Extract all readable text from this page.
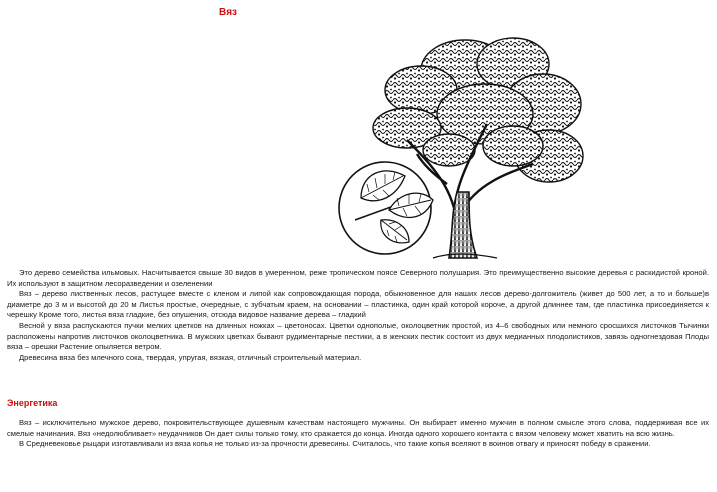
Вяз

Это дерево семейства ильмовых. Насчитывается свыше 30 видов в умеренном, реже тропическом поясе Северного полушария. Это преимущественно высокие деревья с раскидистой кроной. Их используют в защитном лесоразведении и озеленении

Вяз – дерево лиственных лесов, растущее вместе с кленом и липой как сопровождающая порода, обыкновенное для наших лесов дерево-долгожитель (живет до 500 лет, а то и больше)в диаметре до 3 м и высотой до 20 м Листья простые, очередные, с зубчатым краем, на основании – пластинка, один край которой короче, а другой длиннее там, где пластинка присоединяется к черешку Кроме того, листья вяза гладкие, без опушения, отсюда видовое название дерева – гладкий

Весной у вяза распускаются пучки мелких цветков на длинных ножках – цветоносах. Цветки однополые, околоцветник простой, из 4–6 свободных или немного сросшихся листочков Тычинки расположены напротив листочков околоцветника. В мужских цветках бывают рудиментарные пестики, а в женских пестик состоит из двух медианных плодолистиков, завязь одногнездовая Плоды вяза – орешки Растение опыляется ветром.

Древесина вяза без млечного сока, твердая, упругая, вязкая, отличный строительный материал.

Энергетика

Вяз – исключительно мужское дерево, покровительствующее душевным качествам настоящего мужчины. Он выбирает именно мужчин в полном смысле этого слова, поддерживая все их смелые начинания. Вяз «недолюбливает» неудачников Он дает силы только тому, кто сражается до конца. Иногда одного хорошего контакта с вязом человеку может хватить на всю жизнь.

В Средневековье рыцари изготавливали из вяза копья не только из-за прочности древесины. Считалось, что такие копья вселяют в воинов отвагу и приносят победу в сражении.
